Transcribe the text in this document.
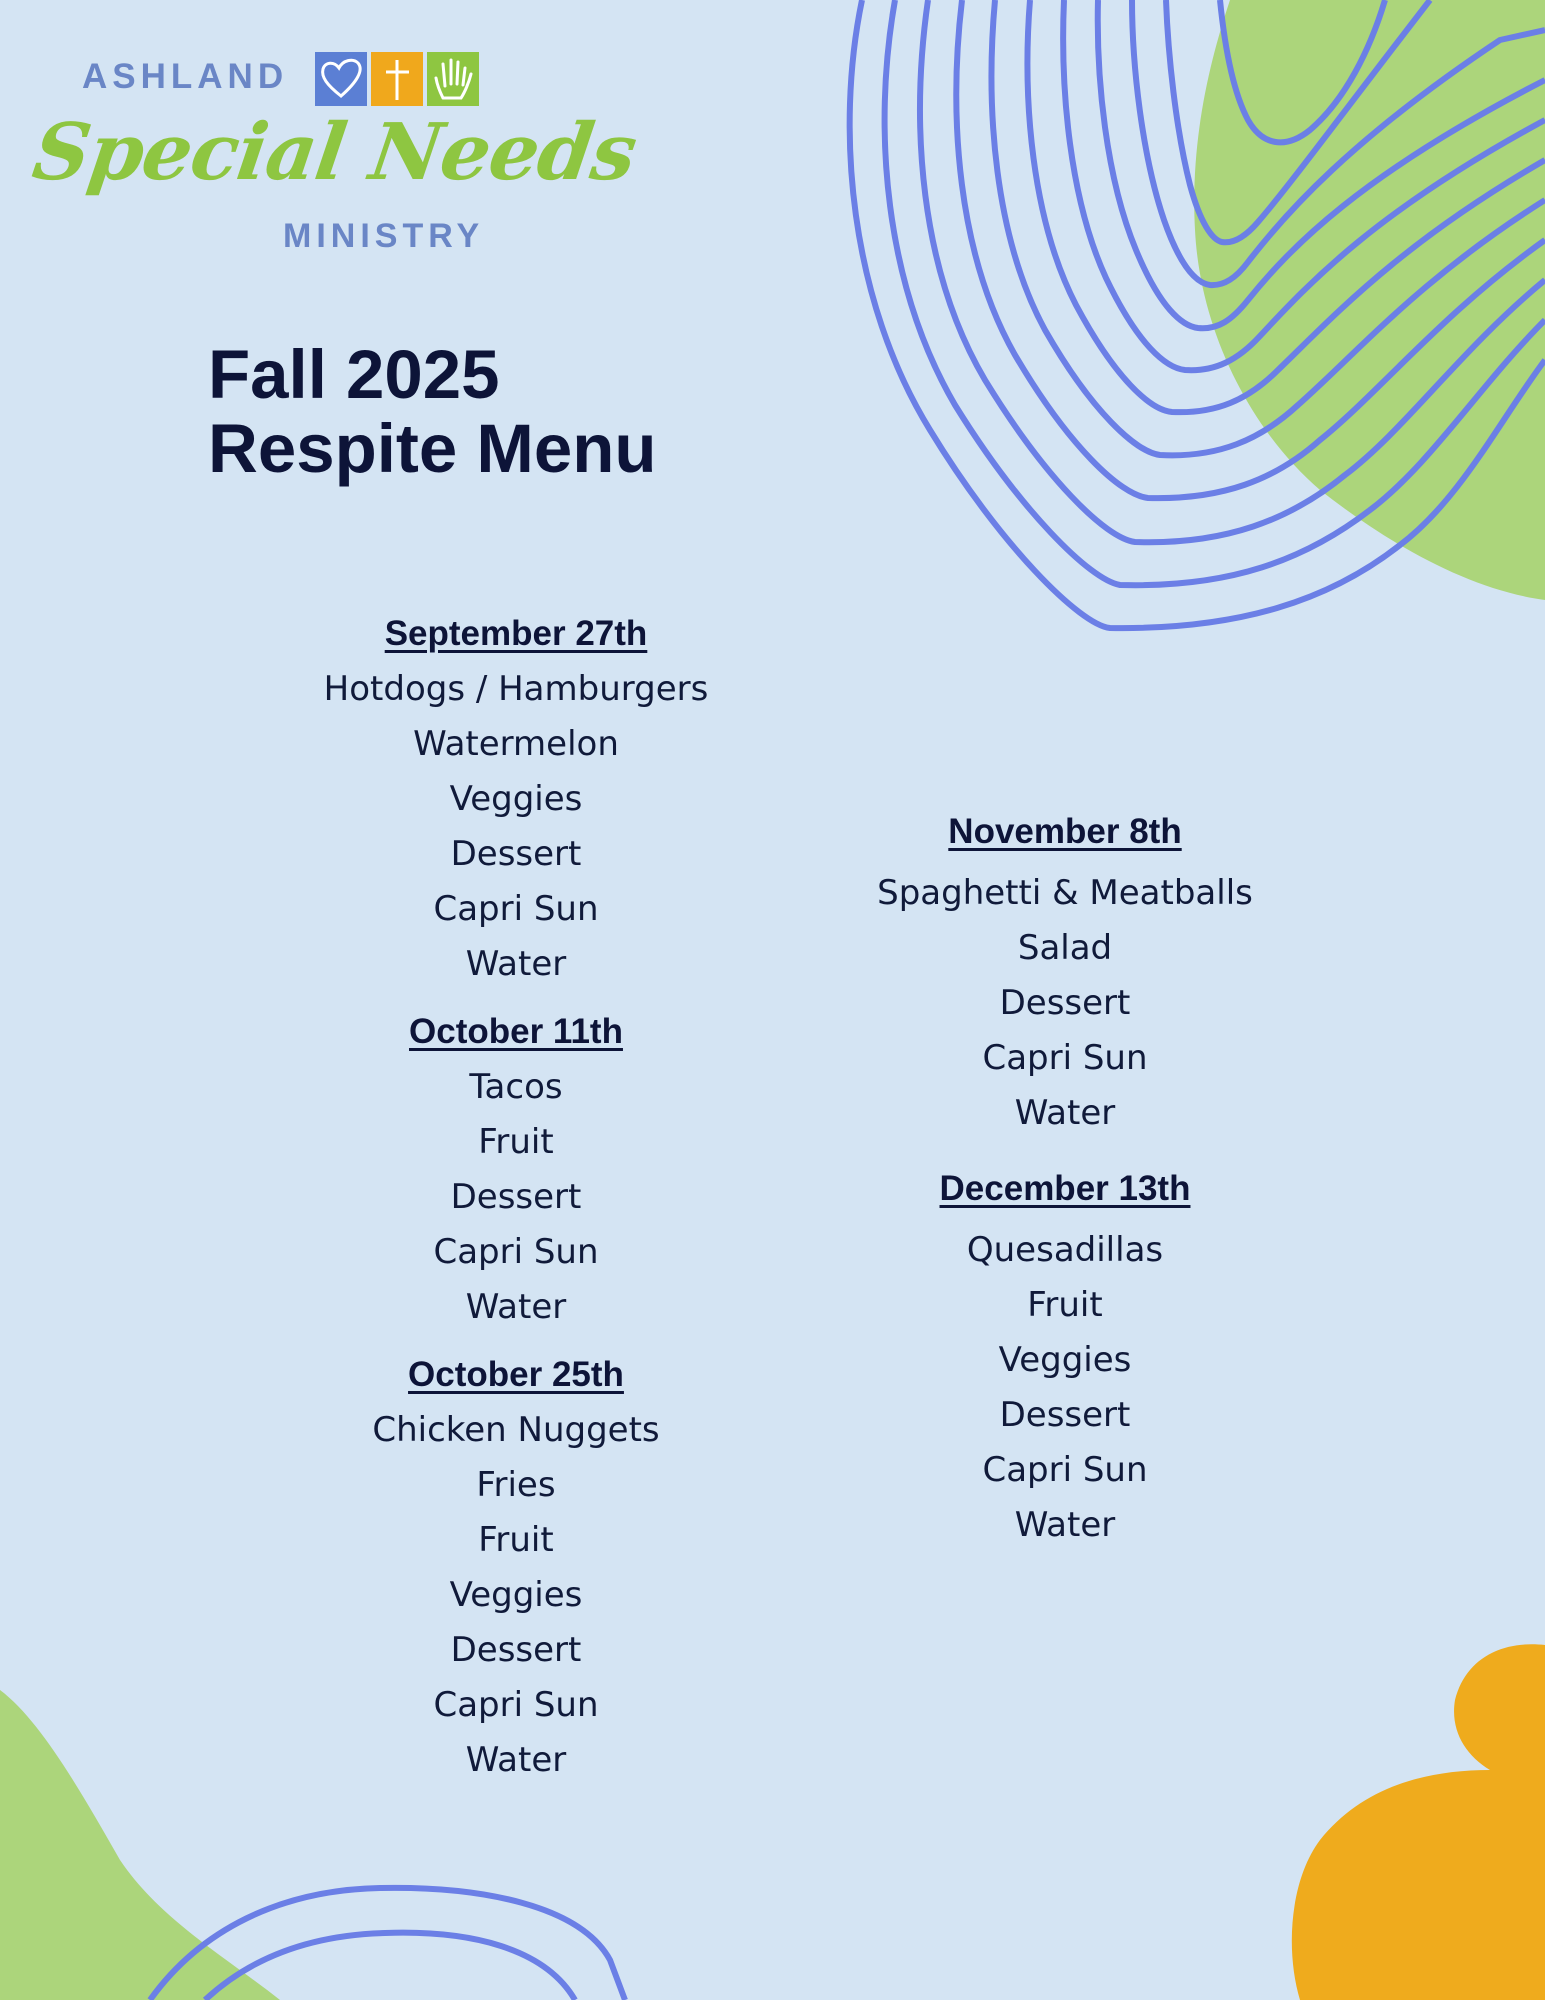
ASHLAND
Special Needs
MINISTRY
Fall 2025
Respite Menu
September 27th
Hotdogs / Hamburgers
Watermelon
Veggies
Dessert
Capri Sun
Water
October 11th
Tacos
Fruit
Dessert
Capri Sun
Water
October 25th
Chicken Nuggets
Fries
Fruit
Veggies
Dessert
Capri Sun
Water
November 8th
Spaghetti & Meatballs
Salad
Dessert
Capri Sun
Water
December 13th
Quesadillas
Fruit
Veggies
Dessert
Capri Sun
Water
